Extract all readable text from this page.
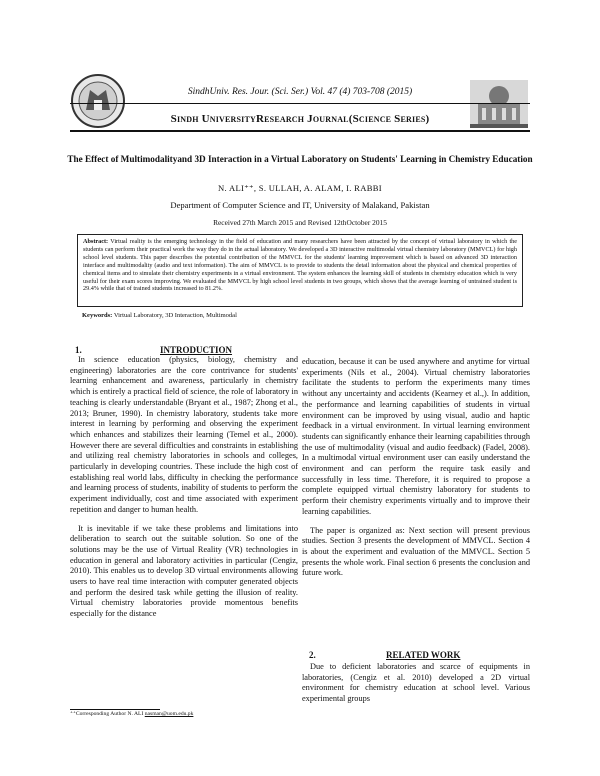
SindhUniv. Res. Jour. (Sci. Ser.) Vol. 47 (4) 703-708 (2015)
Sindh UniversityResearch Journal(Science Series)
The Effect of Multimodalityand 3D Interaction in a Virtual Laboratory on Students' Learning in Chemistry Education
N. ALI⁺⁺, S. ULLAH, A. ALAM, I. RABBI
Department of Computer Science and IT, University of Malakand, Pakistan
Received 27th March 2015 and Revised 12thOctober 2015
Abstract: Virtual reality is the emerging technology in the field of education and many researchers have been attracted by the concept of virtual laboratory in which the students can perform their practical work the way they do in the actual laboratory. We developed a 3D interactive multimodal virtual chemistry laboratory (MMVCL) for high school level students. This paper describes the potential contribution of the MMVCL for the students' learning improvement which is based on advanced 3D interaction interface and multimodality (audio and text information). The aim of MMVCL is to provide to students the detail information about the physical and chemical properties of chemical items and to simulate their chemistry experiments in a virtual environment. The system enhances the learning skill of students in chemistry education which is very useful for their exam scores improving. We evaluated the MMVCL by high school level students in two groups, which shows that the average learning of untrained student is 29.4% while that of trained students increased to 81.2%.
Keywords: Virtual Laboratory, 3D Interaction, Multimodal
1.	INTRODUCTION

In science education (physics, biology, chemistry and engineering) laboratories are the core contrivance for students' learning enhancement and awareness, particularly in chemistry which is entirely a practical field of science, the role of laboratory in teaching is clearly understandable (Bryant et al., 1987; Zhong et al., 2013; Bruner, 1990). In chemistry laboratory, students take more interest in learning by performing and observing the experiment which enhances and stabilizes their learning (Temel et al., 2000). However there are several difficulties and constraints in establishing and utilizing real chemistry laboratories in schools and colleges, particularly in developing countries. These include the high cost of establishing real world labs, difficulty in checking the performance and learning process of students, inability of students to perform the experiment individually, cost and time associated with experiment repetition and danger to human health.

It is inevitable if we take these problems and limitations into deliberation to search out the suitable solution. So one of the solutions may be the use of Virtual Reality (VR) technologies in education in general and laboratory activities in particular (Cengiz, 2010). This enables us to develop 3D virtual environments allowing users to have real time interaction with computer generated objects and perform the desired task while getting the illusion of reality. Virtual chemistry laboratories provide momentous benefits especially for the distance

education, because it can be used anywhere and anytime for virtual experiments (Nils et al., 2004). Virtual chemistry laboratories facilitate the students to perform the experiments many times without any uncertainty and accidents (Kearney et al.,). In addition, the performance and learning capabilities of students in virtual environment can be improved by using visual, audio and haptic feedback in a virtual environment. In virtual learning environment students can significantly enhance their learning capabilities through the use of multimodality (visual and audio feedback) (Fadel, 2008). In a multimodal virtual environment user can easily understand the environment and can perform the require task easily and successfully in less time. Therefore, it is required to propose a complete equipped virtual chemistry laboratory for students to perform their chemistry experiments virtually and to improve their learning capabilities.

The paper is organized as: Next section will present previous studies. Section 3 presents the development of MMVCL. Section 4 is about the experiment and evaluation of the MMVCL. Section 5 presents the whole work. Final section 6 presents the conclusion and future work.

2.	RELATED WORK

Due to deficient laboratories and scarce of equipments in laboratories, (Cengiz et al. 2010) developed a 2D virtual environment for chemistry education at school level. Various experimental groups

⁺⁺Corresponding Author N. ALI nasman@uom.edu.pk
